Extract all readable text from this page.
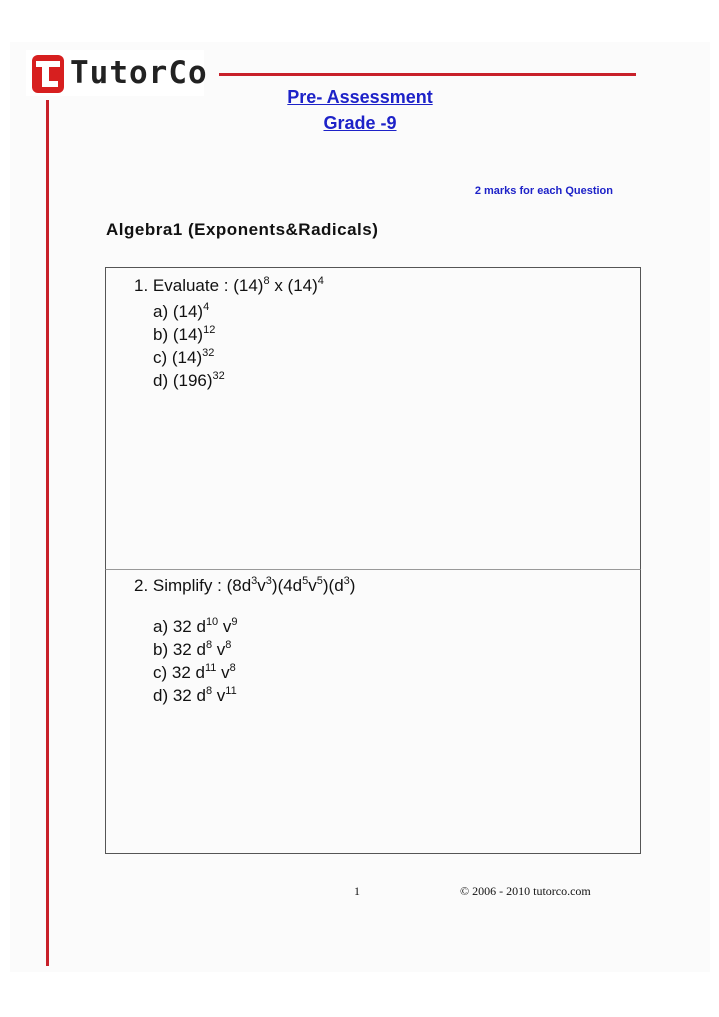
TutorCo
Pre- Assessment
Grade -9
2 marks for each Question
Algebra1 (Exponents&Radicals)
1. Evaluate : $(14)^8$ x $(14)^4$
a) $(14)^4$
b) $(14)^{12}$
c) $(14)^{32}$
d) $(196)^{32}$
2. Simplify : $(8d^3v^3)(4d^5v^5)(d^3)$
a) 32 $d^{10}$ $v^9$
b) 32 $d^8$ $v^8$
c) 32 $d^{11}$ $v^8$
d) 32 $d^8$ $v^{11}$
1	© 2006 - 2010 tutorco.com
